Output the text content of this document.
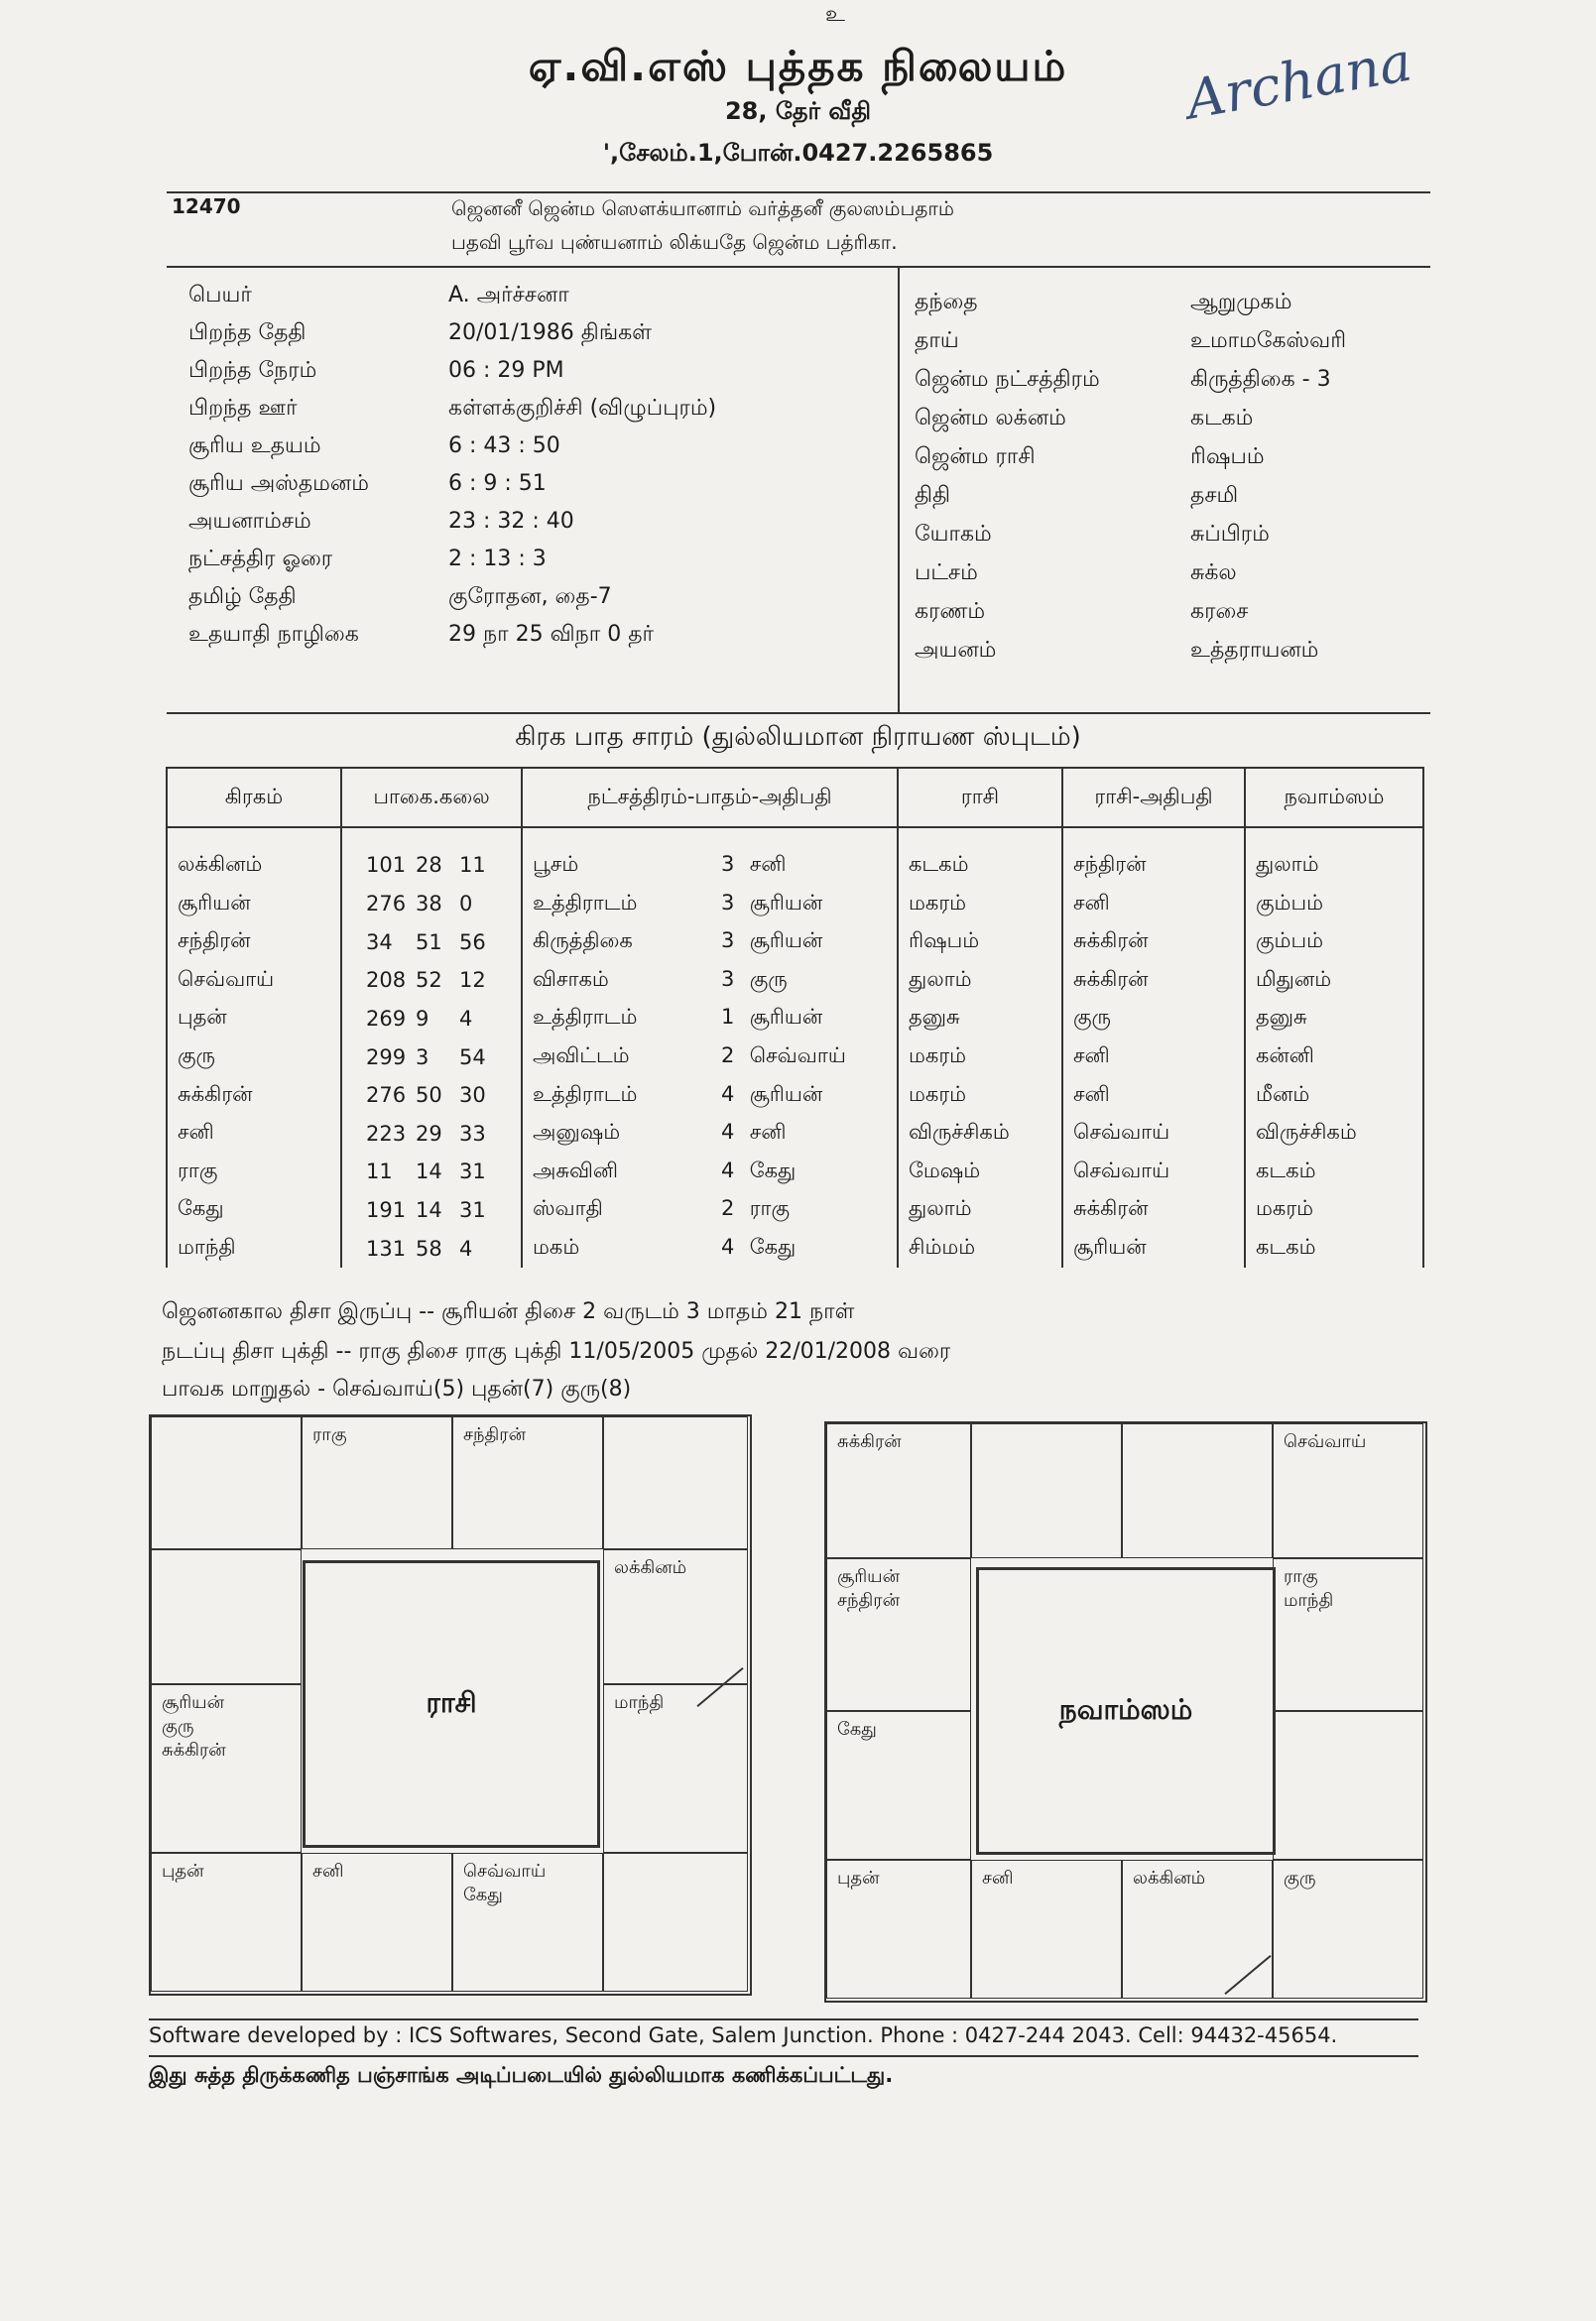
உ
ஏ.வி.எஸ் புத்தக நிலையம்
28, தேர் வீதி
',சேலம்.1,போன்.0427.2265865
Archana
12470	ஜெனனீ ஜென்ம ஸௌக்யானாம் வர்த்தனீ குலஸம்பதாம்
பதவி பூர்வ புண்யனாம் லிக்யதே ஜென்ம பத்ரிகா.
பெயர்	A. அர்ச்சனா
பிறந்த தேதி	20/01/1986 திங்கள்
பிறந்த நேரம்	06 : 29 PM
பிறந்த ஊர்	கள்ளக்குறிச்சி (விழுப்புரம்)
சூரிய உதயம்	6 : 43 : 50
சூரிய அஸ்தமனம்	6 : 9 : 51
அயனாம்சம்	23 : 32 : 40
நட்சத்திர ஓரை	2 : 13 : 3
தமிழ் தேதி	குரோதன, தை-7
உதயாதி நாழிகை	29 நா 25 விநா 0 தர்
தந்தை	ஆறுமுகம்
தாய்	உமாமகேஸ்வரி
ஜென்ம நட்சத்திரம்	கிருத்திகை - 3
ஜென்ம லக்னம்	கடகம்
ஜென்ம ராசி	ரிஷபம்
திதி	தசமி
யோகம்	சுப்பிரம்
பட்சம்	சுக்ல
கரணம்	கரசை
அயனம்	உத்தராயனம்
கிரக பாத சாரம் (துல்லியமான நிராயண ஸ்புடம்)
கிரகம்	பாகை.கலை	நட்சத்திரம்-பாதம்-அதிபதி	ராசி	ராசி-அதிபதி	நவாம்ஸம்
லக்கினம்	101 28 11	பூசம் 3 சனி	கடகம்	சந்திரன்	துலாம்
சூரியன்	276 38 0	உத்திராடம் 3 சூரியன்	மகரம்	சனி	கும்பம்
சந்திரன்	34 51 56	கிருத்திகை 3 சூரியன்	ரிஷபம்	சுக்கிரன்	கும்பம்
செவ்வாய்	208 52 12	விசாகம் 3 குரு	துலாம்	சுக்கிரன்	மிதுனம்
புதன்	269 9 4	உத்திராடம் 1 சூரியன்	தனுசு	குரு	தனுசு
குரு	299 3 54	அவிட்டம் 2 செவ்வாய்	மகரம்	சனி	கன்னி
சுக்கிரன்	276 50 30	உத்திராடம் 4 சூரியன்	மகரம்	சனி	மீனம்
சனி	223 29 33	அனுஷம் 4 சனி	விருச்சிகம்	செவ்வாய்	விருச்சிகம்
ராகு	11 14 31	அசுவினி 4 கேது	மேஷம்	செவ்வாய்	கடகம்
கேது	191 14 31	ஸ்வாதி 2 ராகு	துலாம்	சுக்கிரன்	மகரம்
மாந்தி	131 58 4	மகம் 4 கேது	சிம்மம்	சூரியன்	கடகம்
ஜெனனகால திசா இருப்பு -- சூரியன் திசை 2 வருடம் 3 மாதம் 21 நாள்
நடப்பு திசா புக்தி -- ராகு திசை ராகு புக்தி 11/05/2005 முதல் 22/01/2008 வரை
பாவக மாறுதல் - செவ்வாய்(5) புதன்(7) குரு(8)
ராசி
ராகு	சந்திரன்
லக்கினம்
மாந்தி
செவ்வாய்
கேது
சனி
புதன்
சூரியன்
குரு
சுக்கிரன்
நவாம்ஸம்
சுக்கிரன்	செவ்வாய்
ராகு
மாந்தி
குரு
லக்கினம்
சனி
புதன்
கேது
சூரியன்
சந்திரன்
Software developed by : ICS Softwares, Second Gate, Salem Junction. Phone : 0427-244 2043. Cell: 94432-45654.
இது சுத்த திருக்கணித பஞ்சாங்க அடிப்படையில் துல்லியமாக கணிக்கப்பட்டது.
